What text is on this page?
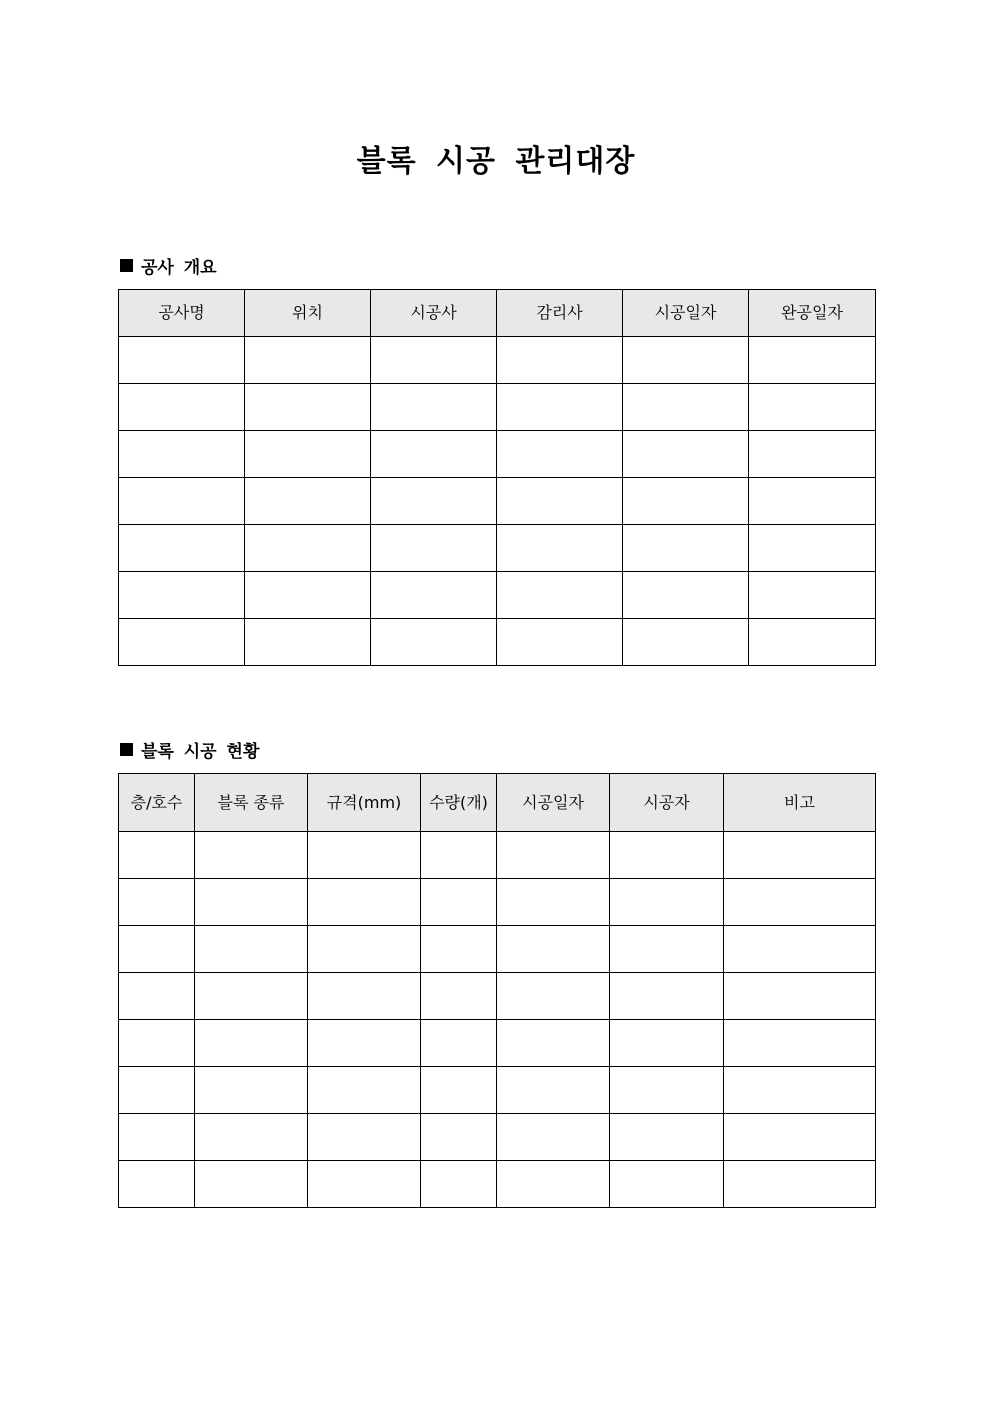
블록 시공 관리대장
공사 개요
공사명	위치	시공사	감리사	시공일자	완공일자

블록 시공 현황
층/호수	블록 종류	규격(mm)	수량(개)	시공일자	시공자	비고
